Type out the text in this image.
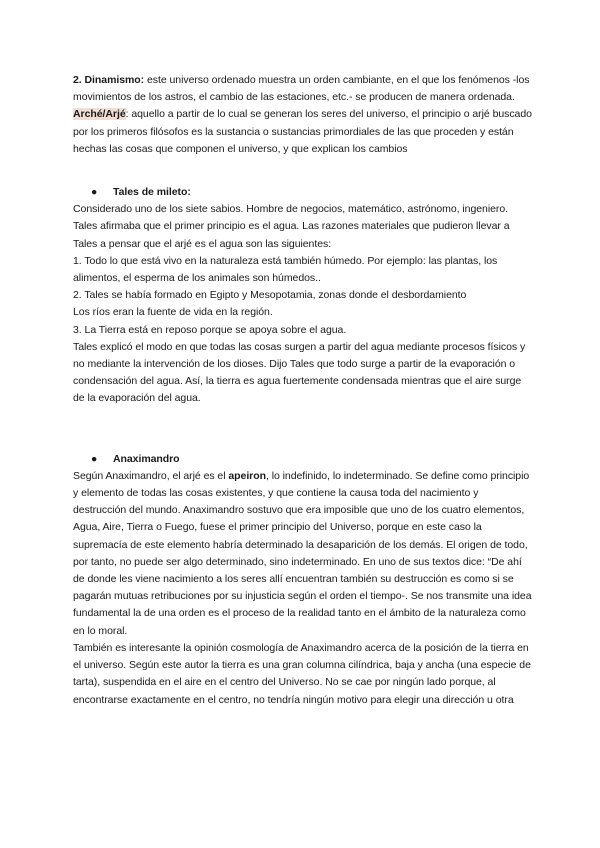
2. Dinamismo: este universo ordenado muestra un orden cambiante, en el que los fenómenos -los movimientos de los astros, el cambio de las estaciones, etc.- se producen de manera ordenada.

Arché/Arjé: aquello a partir de lo cual se generan los seres del universo, el principio o arjé buscado por los primeros filósofos es la sustancia o sustancias primordiales de las que proceden y están hechas las cosas que componen el universo, y que explican los cambios

● Tales de mileto:

Considerado uno de los siete sabios. Hombre de negocios, matemático, astrónomo, ingeniero.

Tales afirmaba que el primer principio es el agua. Las razones materiales que pudieron llevar a Tales a pensar que el arjé es el agua son las siguientes:

1. Todo lo que está vivo en la naturaleza está también húmedo. Por ejemplo: las plantas, los alimentos, el esperma de los animales son húmedos..

2. Tales se había formado en Egipto y Mesopotamia, zonas donde el desbordamiento

Los ríos eran la fuente de vida en la región.

3. La Tierra está en reposo porque se apoya sobre el agua.

Tales explicó el modo en que todas las cosas surgen a partir del agua mediante procesos físicos y no mediante la intervención de los dioses. Dijo Tales que todo surge a partir de la evaporación o condensación del agua. Así, la tierra es agua fuertemente condensada mientras que el aire surge de la evaporación del agua.

● Anaximandro

Según Anaximandro, el arjé es el apeiron, lo indefinido, lo indeterminado. Se define como principio y elemento de todas las cosas existentes, y que contiene la causa toda del nacimiento y destrucción del mundo. Anaximandro sostuvo que era imposible que uno de los cuatro elementos, Agua, Aire, Tierra o Fuego, fuese el primer principio del Universo, porque en este caso la supremacía de este elemento habría determinado la desaparición de los demás. El origen de todo, por tanto, no puede ser algo determinado, sino indeterminado. En uno de sus textos dice: “De ahí de donde les viene nacimiento a los seres allí encuentran también su destrucción es como si se pagarán mutuas retribuciones por su injusticia según el orden el tiempo-. Se nos transmite una idea fundamental la de una orden es el proceso de la realidad tanto en el ámbito de la naturaleza como en lo moral.

También es interesante la opinión cosmología de Anaximandro acerca de la posición de la tierra en el universo. Según este autor la tierra es una gran columna cilíndrica, baja y ancha (una especie de tarta), suspendida en el aire en el centro del Universo. No se cae por ningún lado porque, al encontrarse exactamente en el centro, no tendría ningún motivo para elegir una dirección u otra
